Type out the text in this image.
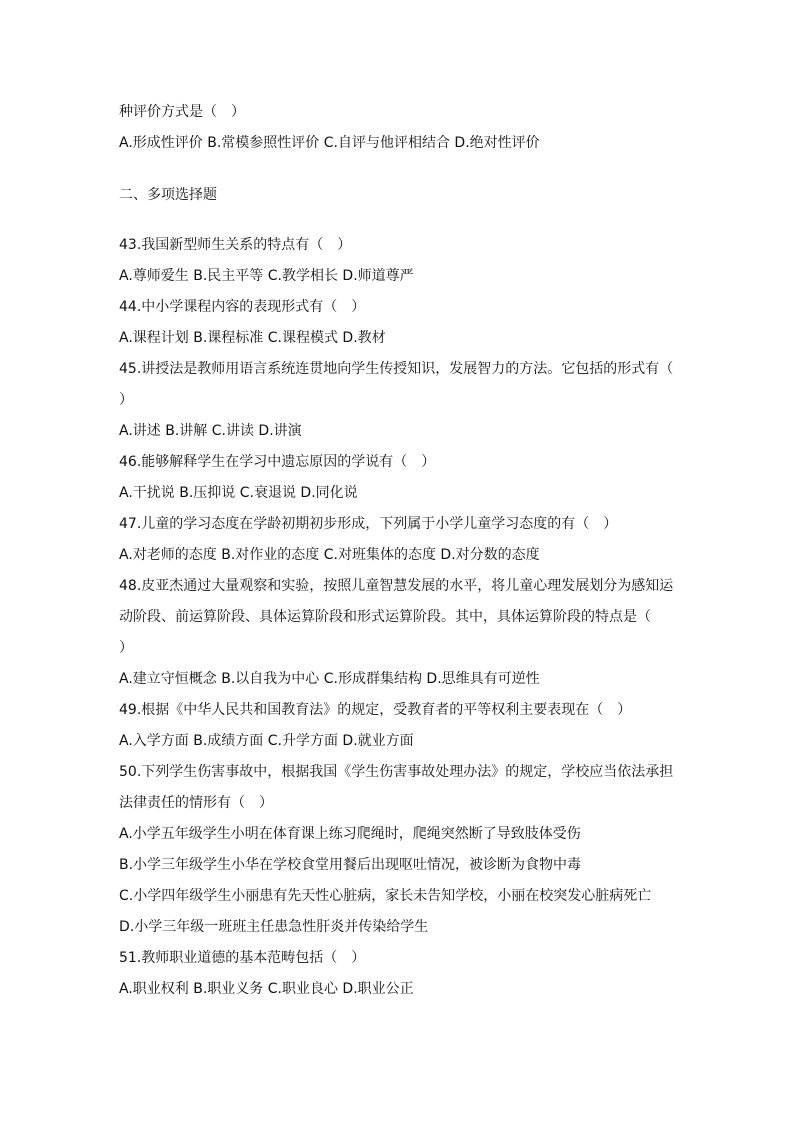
种评价方式是（　）
A.形成性评价 B.常模参照性评价 C.自评与他评相结合 D.绝对性评价
二、多项选择题
43.我国新型师生关系的特点有（　）
A.尊师爱生 B.民主平等 C.教学相长 D.师道尊严
44.中小学课程内容的表现形式有（　）
A.课程计划 B.课程标准 C.课程模式 D.教材
45.讲授法是教师用语言系统连贯地向学生传授知识，发展智力的方法。它包括的形式有（
）
A.讲述 B.讲解 C.讲读 D.讲演
46.能够解释学生在学习中遗忘原因的学说有（　）
A.干扰说 B.压抑说 C.衰退说 D.同化说
47.儿童的学习态度在学龄初期初步形成，下列属于小学儿童学习态度的有（　）
A.对老师的态度 B.对作业的态度 C.对班集体的态度 D.对分数的态度
48.皮亚杰通过大量观察和实验，按照儿童智慧发展的水平，将儿童心理发展划分为感知运
动阶段、前运算阶段、具体运算阶段和形式运算阶段。其中，具体运算阶段的特点是（
）
A.建立守恒概念 B.以自我为中心 C.形成群集结构 D.思维具有可逆性
49.根据《中华人民共和国教育法》的规定，受教育者的平等权利主要表现在（　）
A.入学方面 B.成绩方面 C.升学方面 D.就业方面
50.下列学生伤害事故中，根据我国《学生伤害事故处理办法》的规定，学校应当依法承担
法律责任的情形有（　）
A.小学五年级学生小明在体育课上练习爬绳时，爬绳突然断了导致肢体受伤
B.小学三年级学生小华在学校食堂用餐后出现呕吐情况，被诊断为食物中毒
C.小学四年级学生小丽患有先天性心脏病，家长未告知学校，小丽在校突发心脏病死亡
D.小学三年级一班班主任患急性肝炎并传染给学生
51.教师职业道德的基本范畴包括（　）
A.职业权利 B.职业义务 C.职业良心 D.职业公正
